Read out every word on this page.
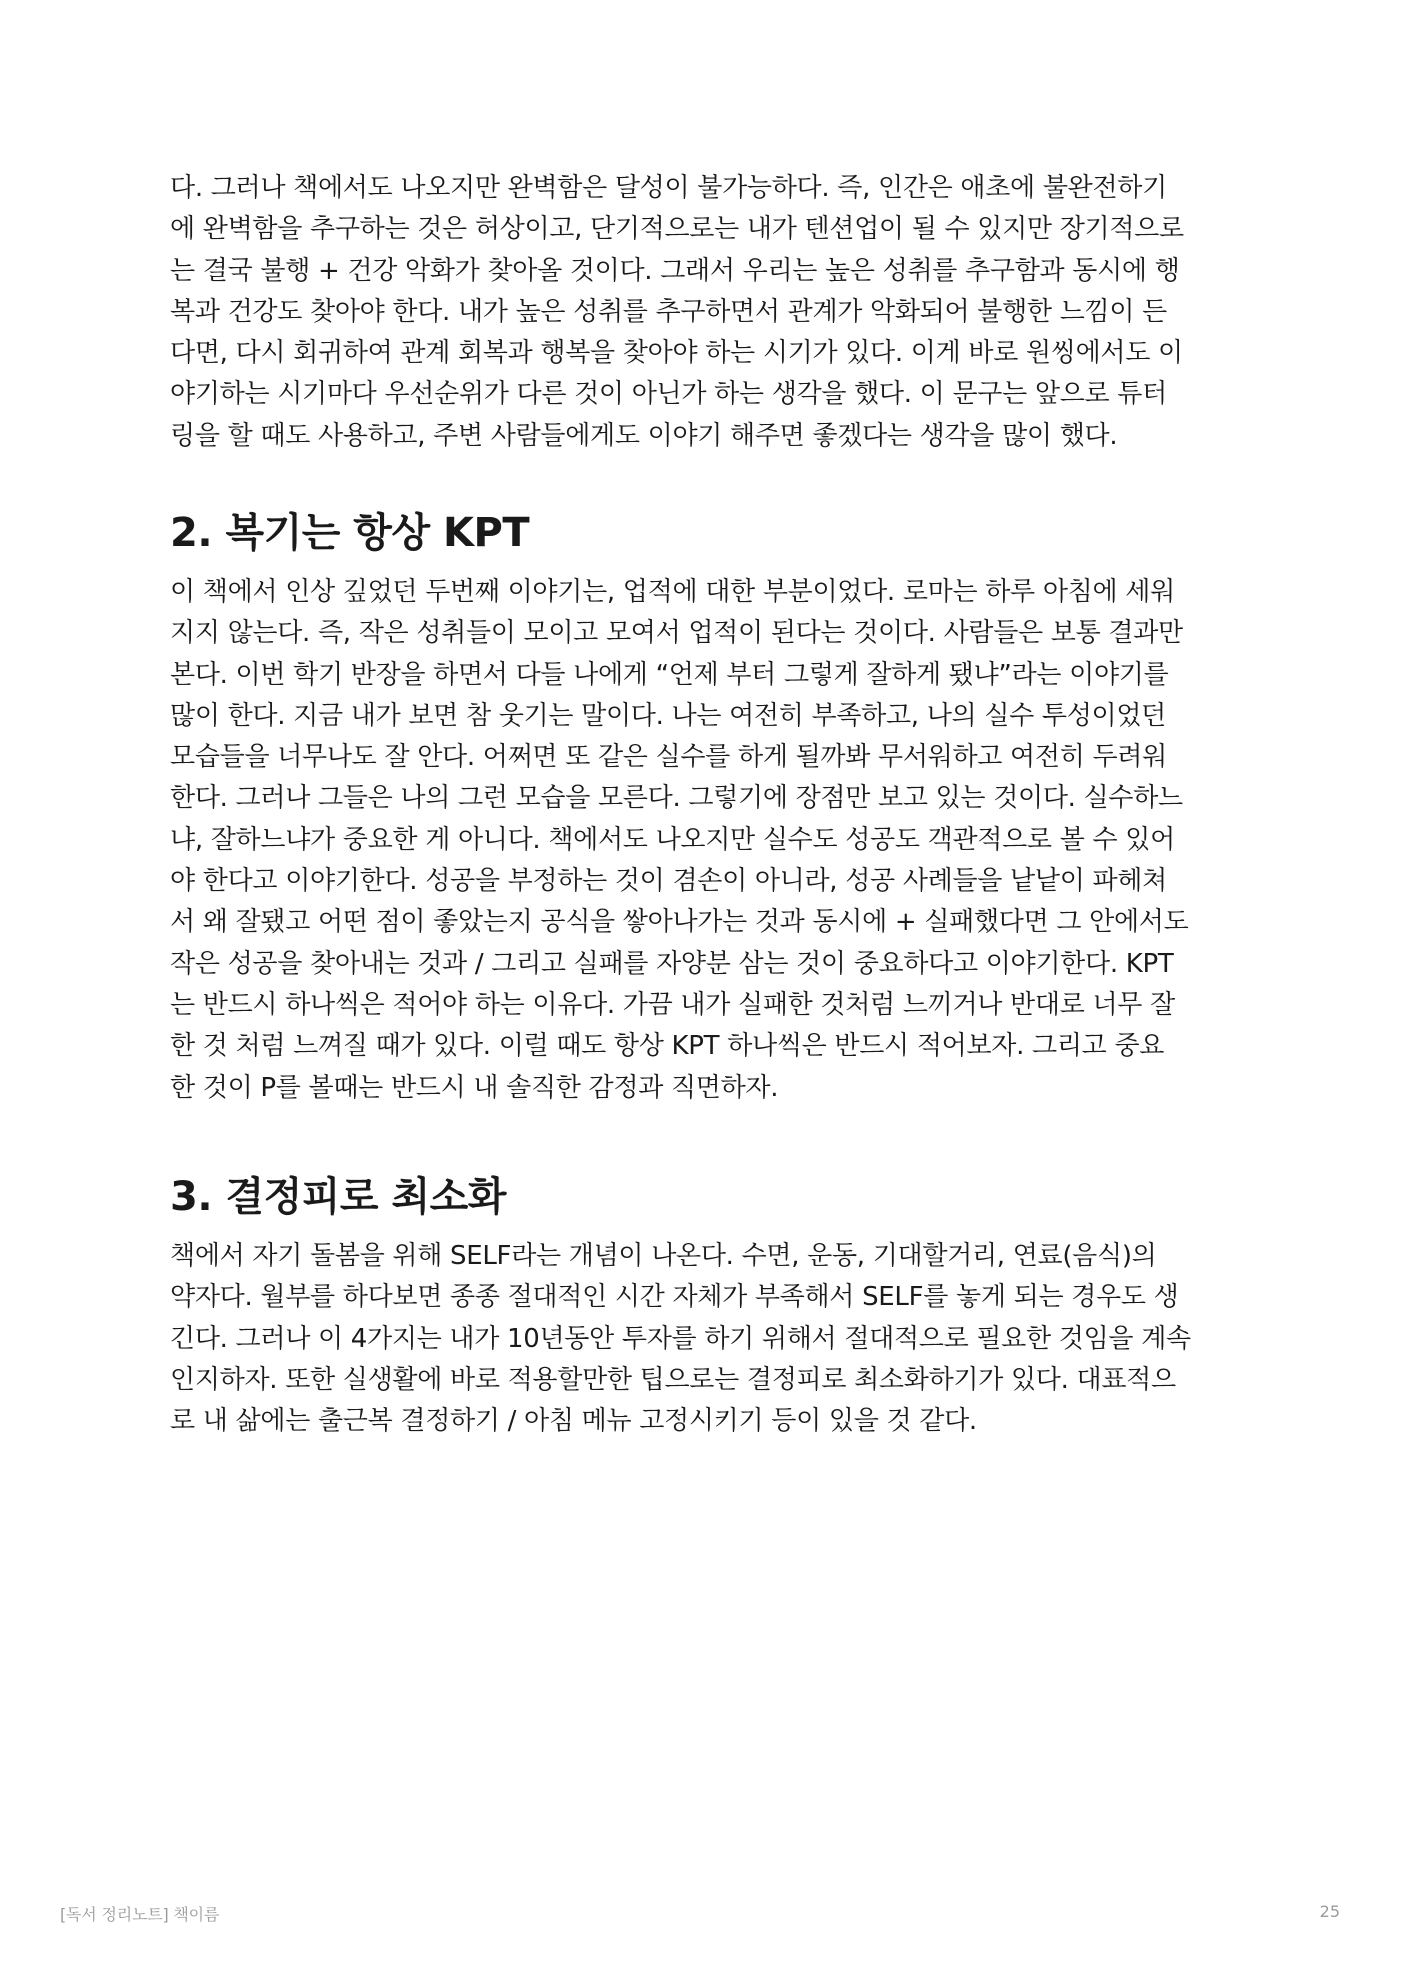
다. 그러나 책에서도 나오지만 완벽함은 달성이 불가능하다. 즉, 인간은 애초에 불완전하기
에 완벽함을 추구하는 것은 허상이고, 단기적으로는 내가 텐션업이 될 수 있지만 장기적으로
는 결국 불행 + 건강 악화가 찾아올 것이다. 그래서 우리는 높은 성취를 추구함과 동시에 행
복과 건강도 찾아야 한다. 내가 높은 성취를 추구하면서 관계가 악화되어 불행한 느낌이 든
다면, 다시 회귀하여 관계 회복과 행복을 찾아야 하는 시기가 있다. 이게 바로 원씽에서도 이
야기하는 시기마다 우선순위가 다른 것이 아닌가 하는 생각을 했다. 이 문구는 앞으로 튜터
링을 할 때도 사용하고, 주변 사람들에게도 이야기 해주면 좋겠다는 생각을 많이 했다.

2. 복기는 항상 KPT

이 책에서 인상 깊었던 두번째 이야기는, 업적에 대한 부분이었다. 로마는 하루 아침에 세워
지지 않는다. 즉, 작은 성취들이 모이고 모여서 업적이 된다는 것이다. 사람들은 보통 결과만
본다. 이번 학기 반장을 하면서 다들 나에게 “언제 부터 그렇게 잘하게 됐냐”라는 이야기를
많이 한다. 지금 내가 보면 참 웃기는 말이다. 나는 여전히 부족하고, 나의 실수 투성이었던
모습들을 너무나도 잘 안다. 어쩌면 또 같은 실수를 하게 될까봐 무서워하고 여전히 두려워
한다. 그러나 그들은 나의 그런 모습을 모른다. 그렇기에 장점만 보고 있는 것이다. 실수하느
냐, 잘하느냐가 중요한 게 아니다. 책에서도 나오지만 실수도 성공도 객관적으로 볼 수 있어
야 한다고 이야기한다. 성공을 부정하는 것이 겸손이 아니라, 성공 사례들을 낱낱이 파헤쳐
서 왜 잘됐고 어떤 점이 좋았는지 공식을 쌓아나가는 것과 동시에 + 실패했다면 그 안에서도
작은 성공을 찾아내는 것과 / 그리고 실패를 자양분 삼는 것이 중요하다고 이야기한다. KPT
는 반드시 하나씩은 적어야 하는 이유다. 가끔 내가 실패한 것처럼 느끼거나 반대로 너무 잘
한 것 처럼 느껴질 때가 있다. 이럴 때도 항상 KPT 하나씩은 반드시 적어보자. 그리고 중요
한 것이 P를 볼때는 반드시 내 솔직한 감정과 직면하자.

3. 결정피로 최소화

책에서 자기 돌봄을 위해 SELF라는 개념이 나온다. 수면, 운동, 기대할거리, 연료(음식)의
약자다. 월부를 하다보면 종종 절대적인 시간 자체가 부족해서 SELF를 놓게 되는 경우도 생
긴다. 그러나 이 4가지는 내가 10년동안 투자를 하기 위해서 절대적으로 필요한 것임을 계속
인지하자. 또한 실생활에 바로 적용할만한 팁으로는 결정피로 최소화하기가 있다. 대표적으
로 내 삶에는 출근복 결정하기 / 아침 메뉴 고정시키기 등이 있을 것 같다.

[독서 정리노트] 책이름	25
